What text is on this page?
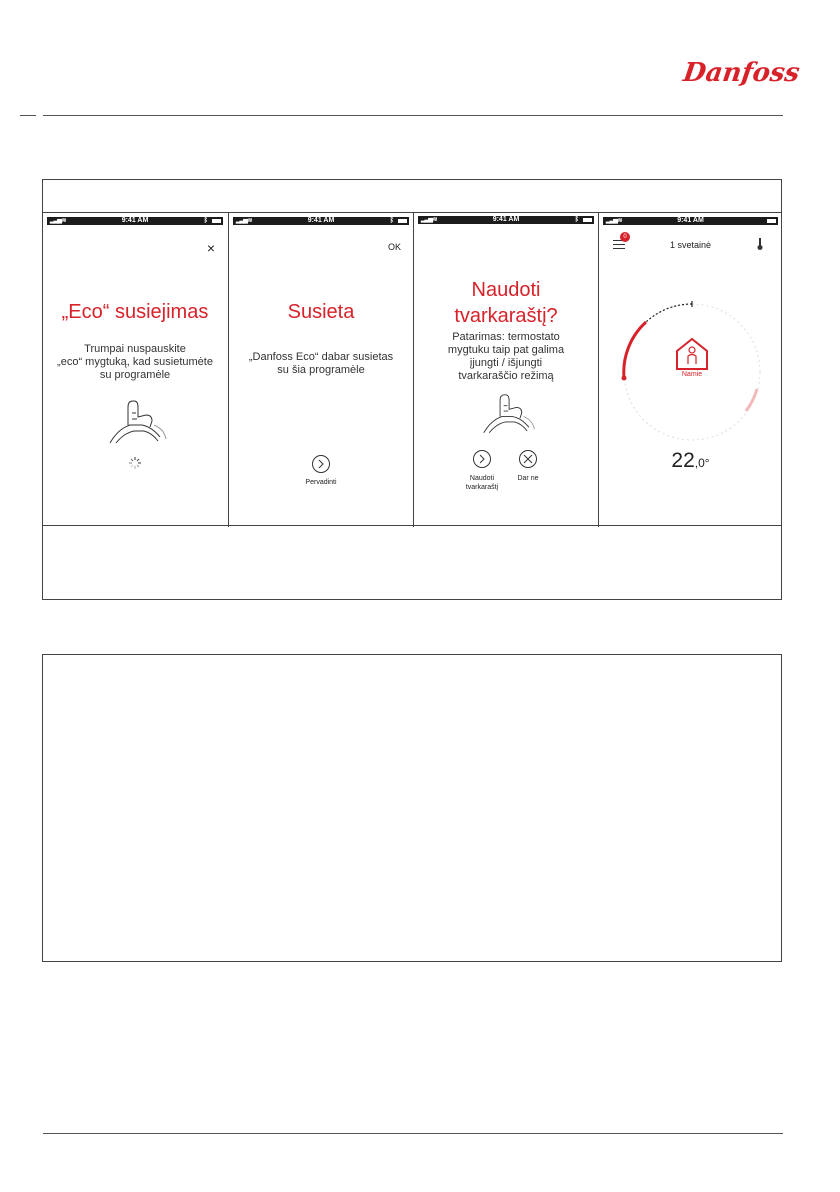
Danfoss
▂▃▅ ≋	9:41 AM	ᛒ
×
„Eco“ susiejimas
Trumpai nuspauskite
„eco“ mygtuką, kad susietumėte
su programėle
▂▃▅ ≋	9:41 AM	ᛒ
OK
Susieta
„Danfoss Eco“ dabar susietas
su šia programėle
Pervadinti
▂▃▅ ≋	9:41 AM	ᛒ
Naudoti
tvarkaraštį?
Patarimas: termostato
mygtuku taip pat galima
įjungti / išjungti
tvarkaraščio režimą
Naudoti
tvarkaraštį
Dar ne
▂▃▅ ≋	9:41 AM
0
1 svetainė
Namie
22,0°
